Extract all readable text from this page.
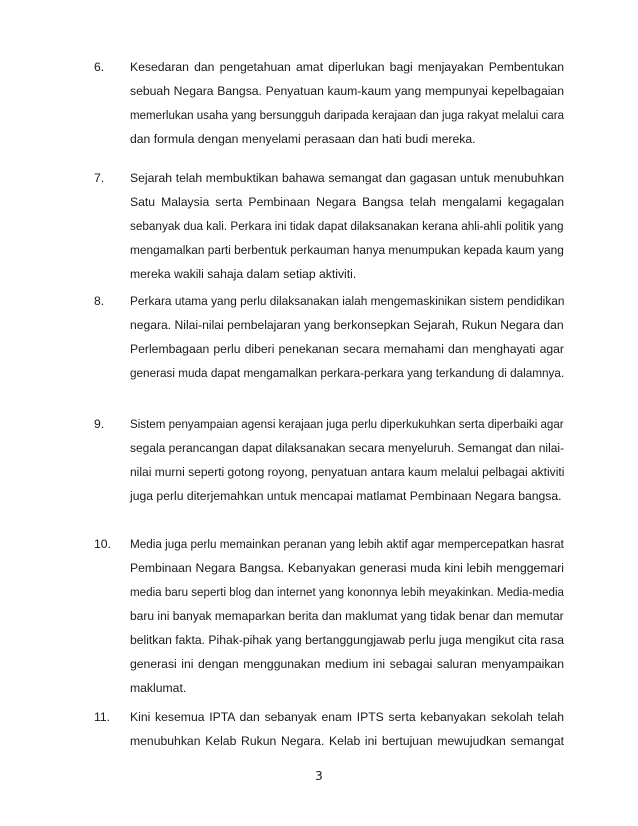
6. Kesedaran dan pengetahuan amat diperlukan bagi menjayakan Pembentukan
sebuah Negara Bangsa. Penyatuan kaum-kaum yang mempunyai kepelbagaian
memerlukan usaha yang bersungguh daripada kerajaan dan juga rakyat melalui cara
dan formula dengan menyelami perasaan dan hati budi mereka.
7. Sejarah telah membuktikan bahawa semangat dan gagasan untuk menubuhkan
Satu Malaysia serta Pembinaan Negara Bangsa telah mengalami kegagalan
sebanyak dua kali. Perkara ini tidak dapat dilaksanakan kerana ahli-ahli politik yang
mengamalkan parti berbentuk perkauman hanya menumpukan kepada kaum yang
mereka wakili sahaja dalam setiap aktiviti.
8. Perkara utama yang perlu dilaksanakan ialah mengemaskinikan sistem pendidikan
negara. Nilai-nilai pembelajaran yang berkonsepkan Sejarah, Rukun Negara dan
Perlembagaan perlu diberi penekanan secara memahami dan menghayati agar
generasi muda dapat mengamalkan perkara-perkara yang terkandung di dalamnya.
9. Sistem penyampaian agensi kerajaan juga perlu diperkukuhkan serta diperbaiki agar
segala perancangan dapat dilaksanakan secara menyeluruh. Semangat dan nilai-
nilai murni seperti gotong royong, penyatuan antara kaum melalui pelbagai aktiviti
juga perlu diterjemahkan untuk mencapai matlamat Pembinaan Negara bangsa.
10. Media juga perlu memainkan peranan yang lebih aktif agar mempercepatkan hasrat
Pembinaan Negara Bangsa. Kebanyakan generasi muda kini lebih menggemari
media baru seperti blog dan internet yang kononnya lebih meyakinkan. Media-media
baru ini banyak memaparkan berita dan maklumat yang tidak benar dan memutar
belitkan fakta. Pihak-pihak yang bertanggungjawab perlu juga mengikut cita rasa
generasi ini dengan menggunakan medium ini sebagai saluran menyampaikan
maklumat.
11. Kini kesemua IPTA dan sebanyak enam IPTS serta kebanyakan sekolah telah
menubuhkan Kelab Rukun Negara. Kelab ini bertujuan mewujudkan semangat
3
